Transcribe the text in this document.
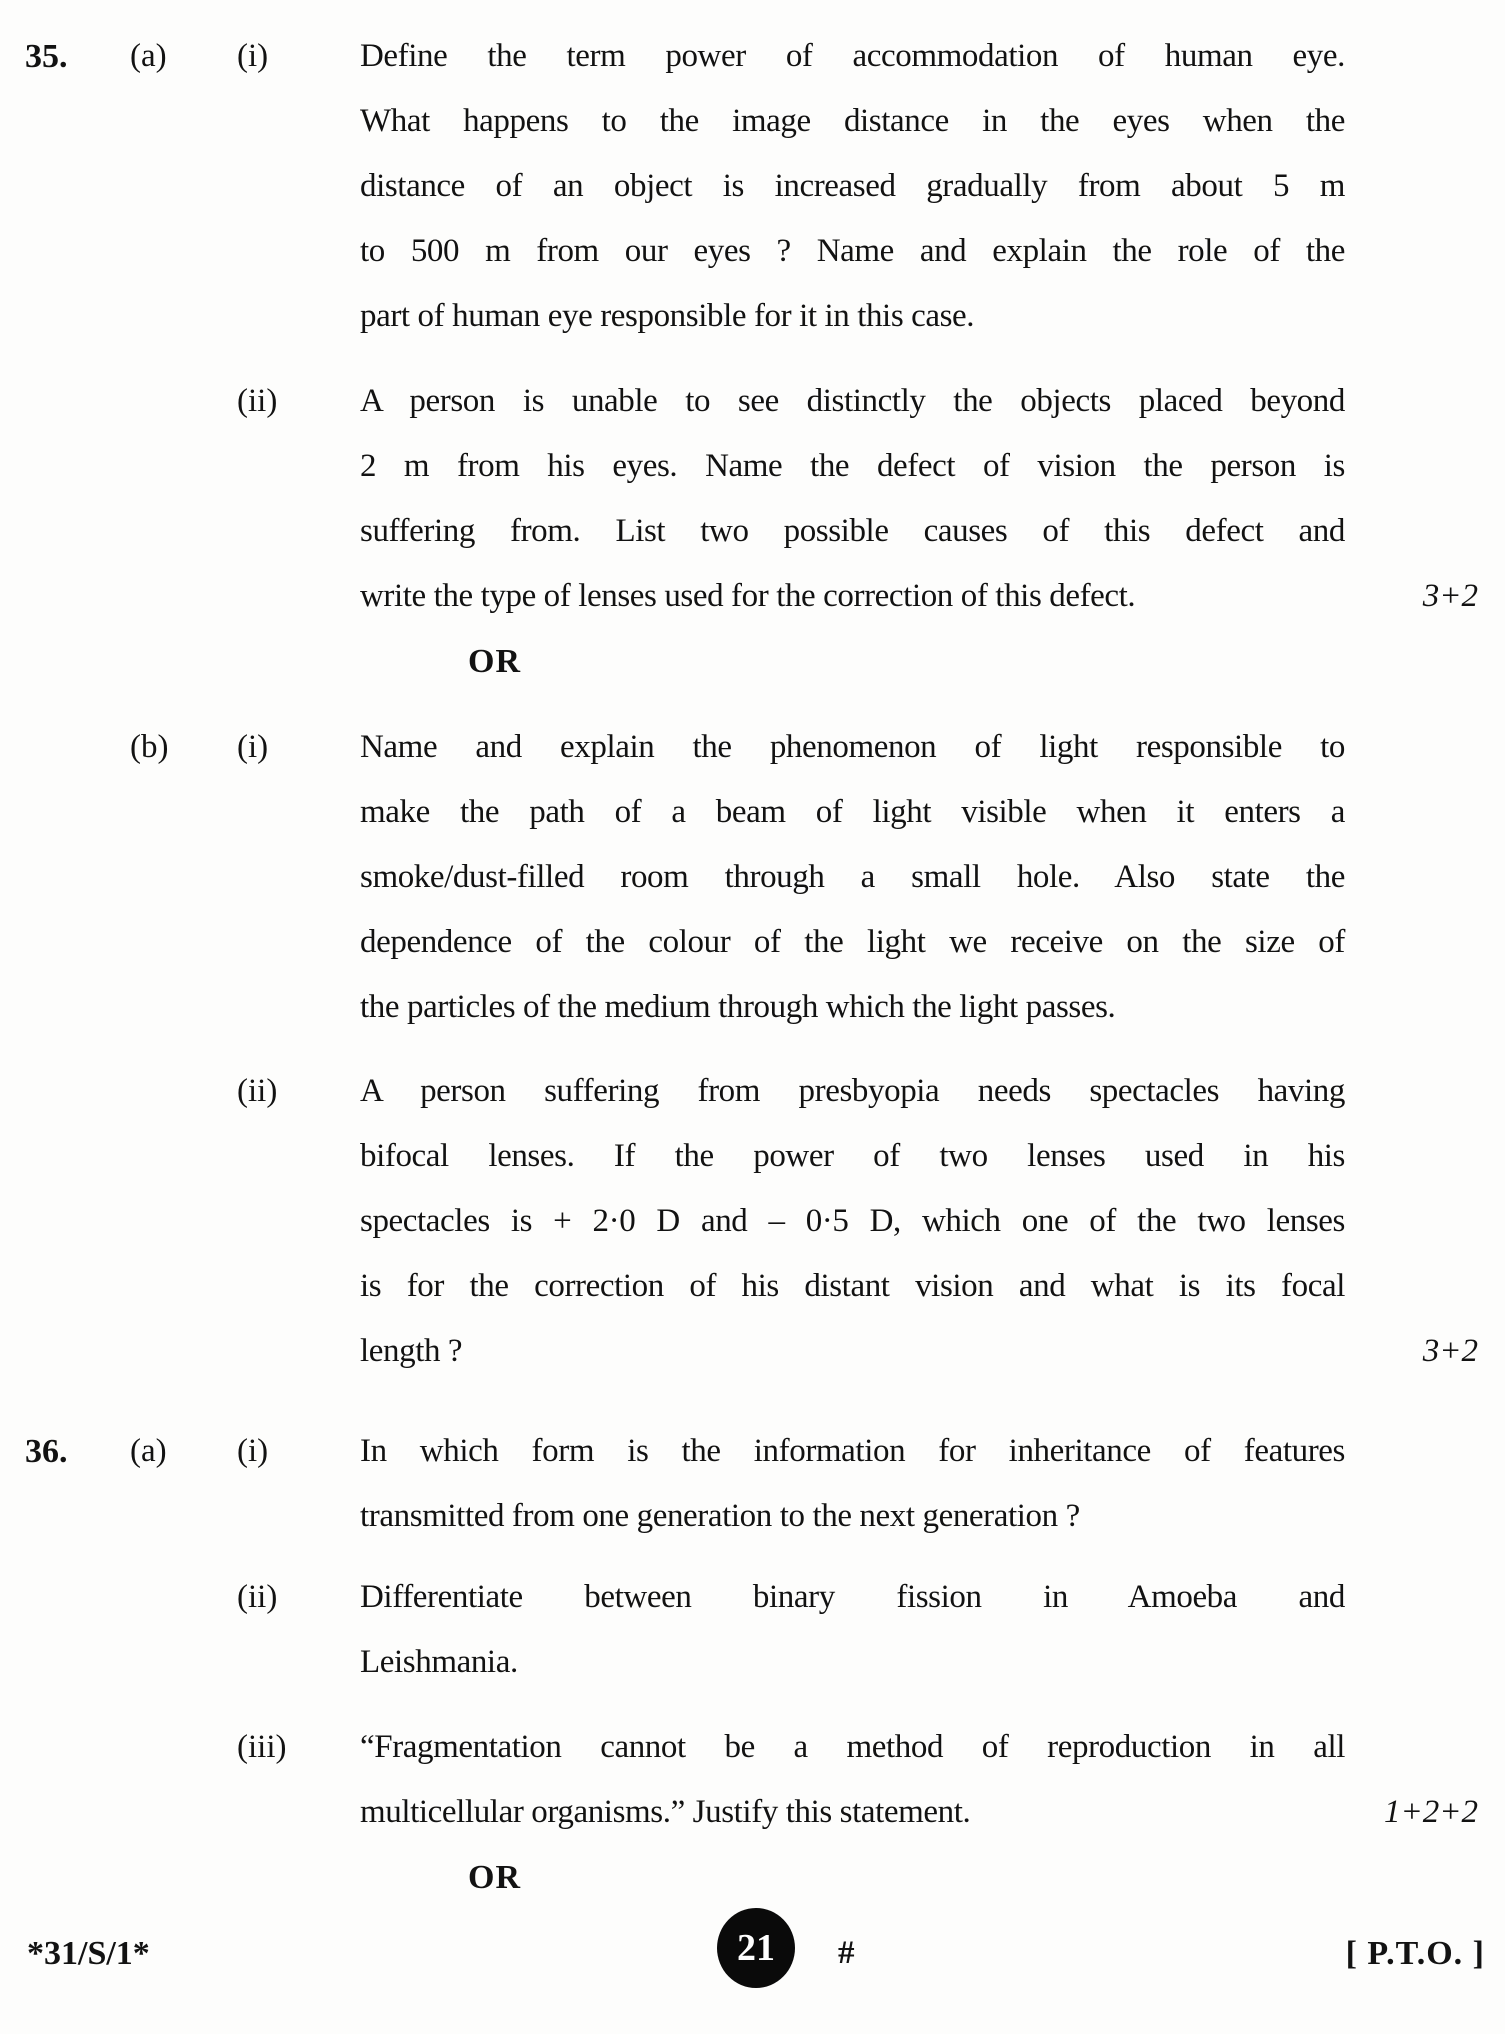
35.	(a)	(i)	Define the term power of accommodation of human eye.
What happens to the image distance in the eyes when the
distance of an object is increased gradually from about 5 m
to 500 m from our eyes ? Name and explain the role of the
part of human eye responsible for it in this case.
(ii)	A person is unable to see distinctly the objects placed beyond
2 m from his eyes. Name the defect of vision the person is
suffering from. List two possible causes of this defect and
write the type of lenses used for the correction of this defect.	3+2
OR
(b)	(i)	Name and explain the phenomenon of light responsible to
make the path of a beam of light visible when it enters a
smoke/dust-filled room through a small hole. Also state the
dependence of the colour of the light we receive on the size of
the particles of the medium through which the light passes.
(ii)	A person suffering from presbyopia needs spectacles having
bifocal lenses. If the power of two lenses used in his
spectacles is + 2·0 D and – 0·5 D, which one of the two lenses
is for the correction of his distant vision and what is its focal
length ?	3+2
36.	(a)	(i)	In which form is the information for inheritance of features
transmitted from one generation to the next generation ?
(ii)	Differentiate between binary fission in Amoeba and
Leishmania.
(iii)	“Fragmentation cannot be a method of reproduction in all
multicellular organisms.” Justify this statement.	1+2+2
OR
*31/S/1*	21 #	[ P.T.O. ]
